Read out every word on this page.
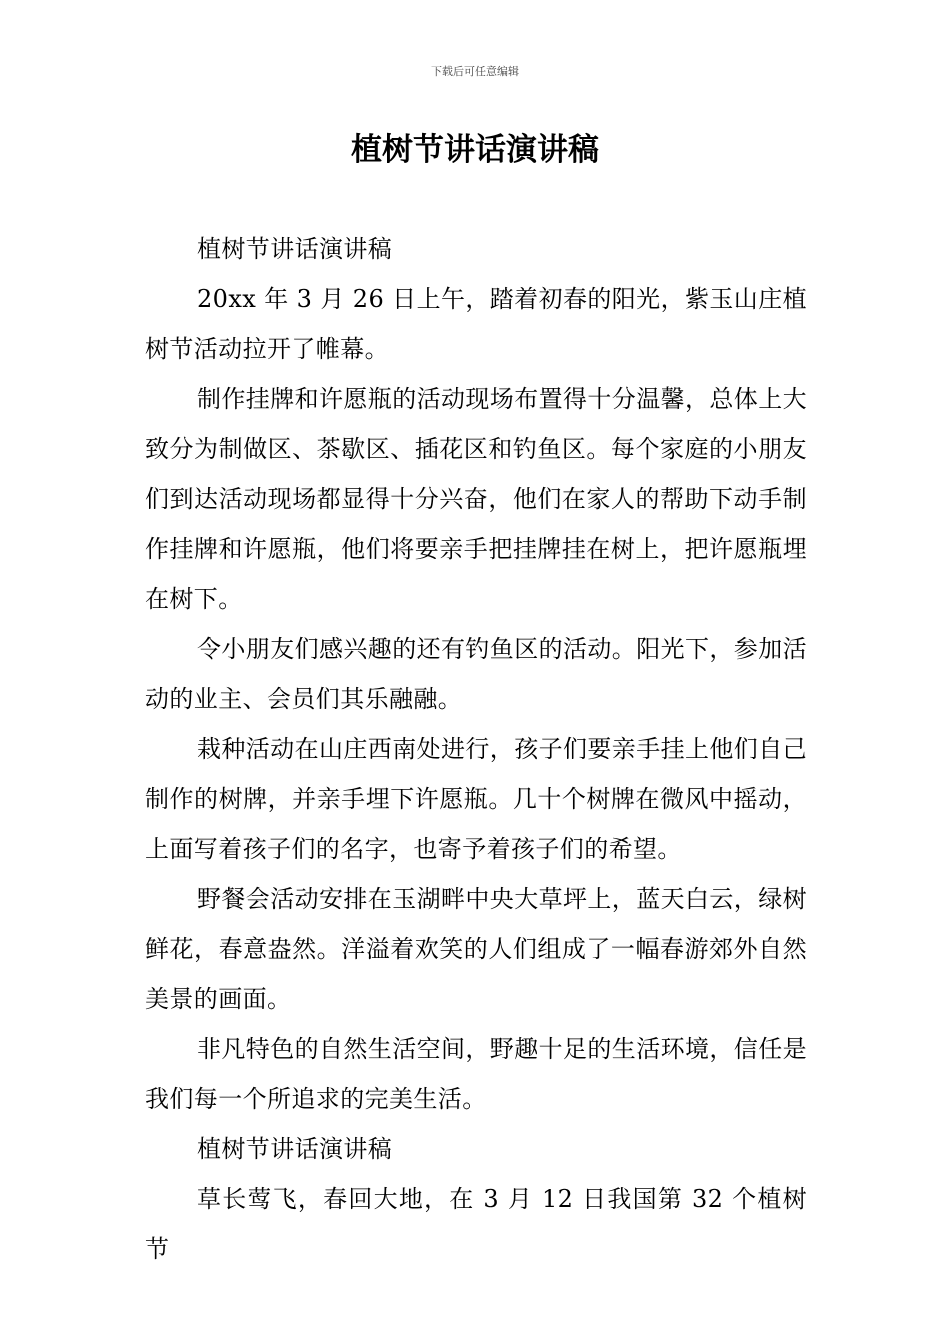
下载后可任意编辑
植树节讲话演讲稿

植树节讲话演讲稿

20xx 年 3 月 26 日上午，踏着初春的阳光，紫玉山庄植树节活动拉开了帷幕。

制作挂牌和许愿瓶的活动现场布置得十分温馨，总体上大致分为制做区、茶歇区、插花区和钓鱼区。每个家庭的小朋友们到达活动现场都显得十分兴奋，他们在家人的帮助下动手制作挂牌和许愿瓶，他们将要亲手把挂牌挂在树上，把许愿瓶埋在树下。

令小朋友们感兴趣的还有钓鱼区的活动。阳光下，参加活动的业主、会员们其乐融融。

栽种活动在山庄西南处进行，孩子们要亲手挂上他们自己制作的树牌，并亲手埋下许愿瓶。几十个树牌在微风中摇动，上面写着孩子们的名字，也寄予着孩子们的希望。

野餐会活动安排在玉湖畔中央大草坪上，蓝天白云，绿树鲜花，春意盎然。洋溢着欢笑的人们组成了一幅春游郊外自然美景的画面。

非凡特色的自然生活空间，野趣十足的生活环境，信任是我们每一个所追求的完美生活。

植树节讲话演讲稿

草长莺飞，春回大地，在 3 月 12 日我国第 32 个植树节
